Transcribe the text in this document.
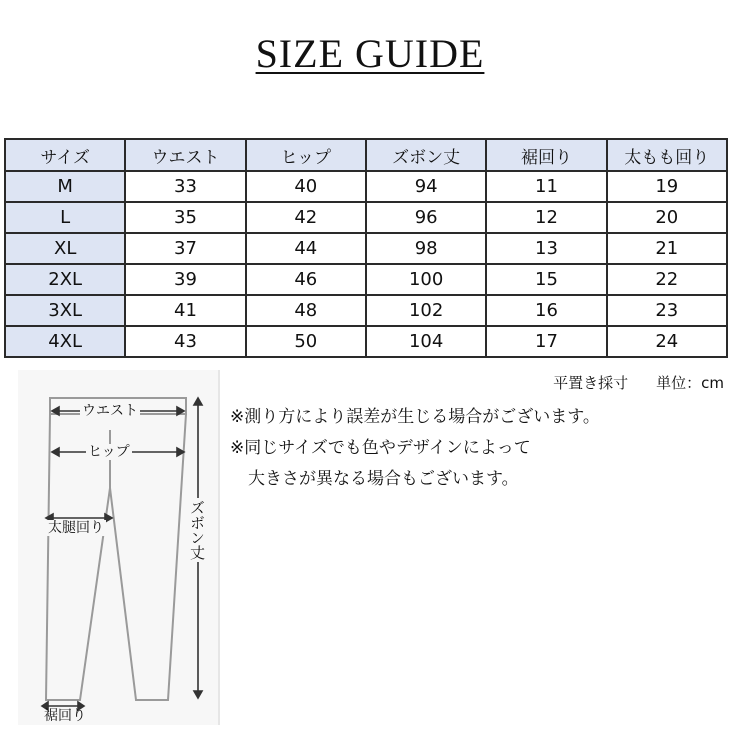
SIZE GUIDE
サイズ	ウエスト	ヒップ	ズボン丈	裾回り	太もも回り
M	33	40	94	11	19
L	35	42	96	12	20
XL	37	44	98	13	21
2XL	39	46	100	15	22
3XL	41	48	102	16	23
4XL	43	50	104	17	24
ウエスト
ヒップ
太腿回り	ズボン丈
裾回り
平置き採寸 単位：cm
※測り方により誤差が生じる場合がございます。
※同じサイズでも色やデザインによって
大きさが異なる場合もございます。
